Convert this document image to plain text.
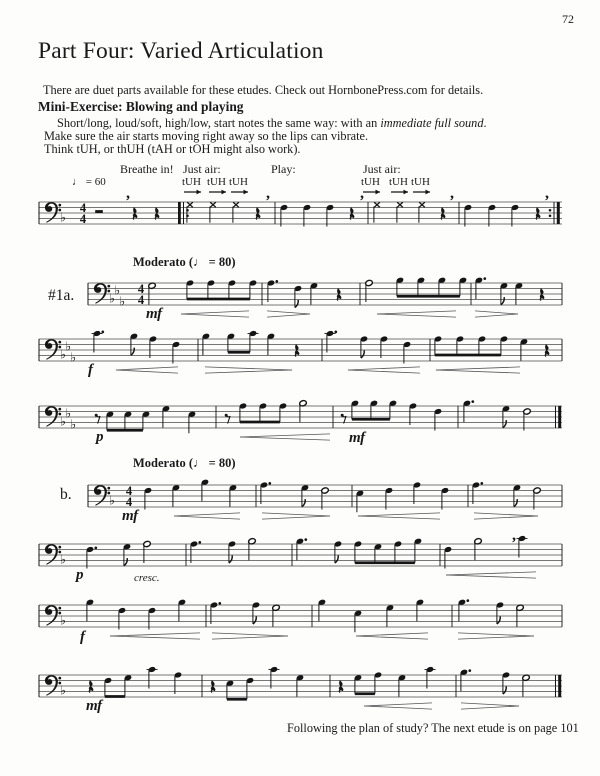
♭
4
4
,	,	,	,	,
♭
♭
♭
4
4
♭
♭
♭
♭
♭
♭
♭
4
4
♭
,
♭
♭
72
Part Four: Varied Articulation
There are duet parts available for these etudes. Check out HornbonePress.com for details.
Mini-Exercise: Blowing and playing
Short/long, loud/soft, high/low, start notes the same way: with an immediate full sound.
Make sure the air starts moving right away so the lips can vibrate.
Think tUH, or thUH (tAH or tOH might also work).
♩ = 60
Breathe in! Just air:	Play:	Just air:
tUH tUH tUH	tUH tUH tUH
Moderato (♩ = 80)
Moderato (♩ = 80)
#1a.
b.
mf
f
p	mf
mf
p	cresc.
f
mf
Following the plan of study? The next etude is on page 101
